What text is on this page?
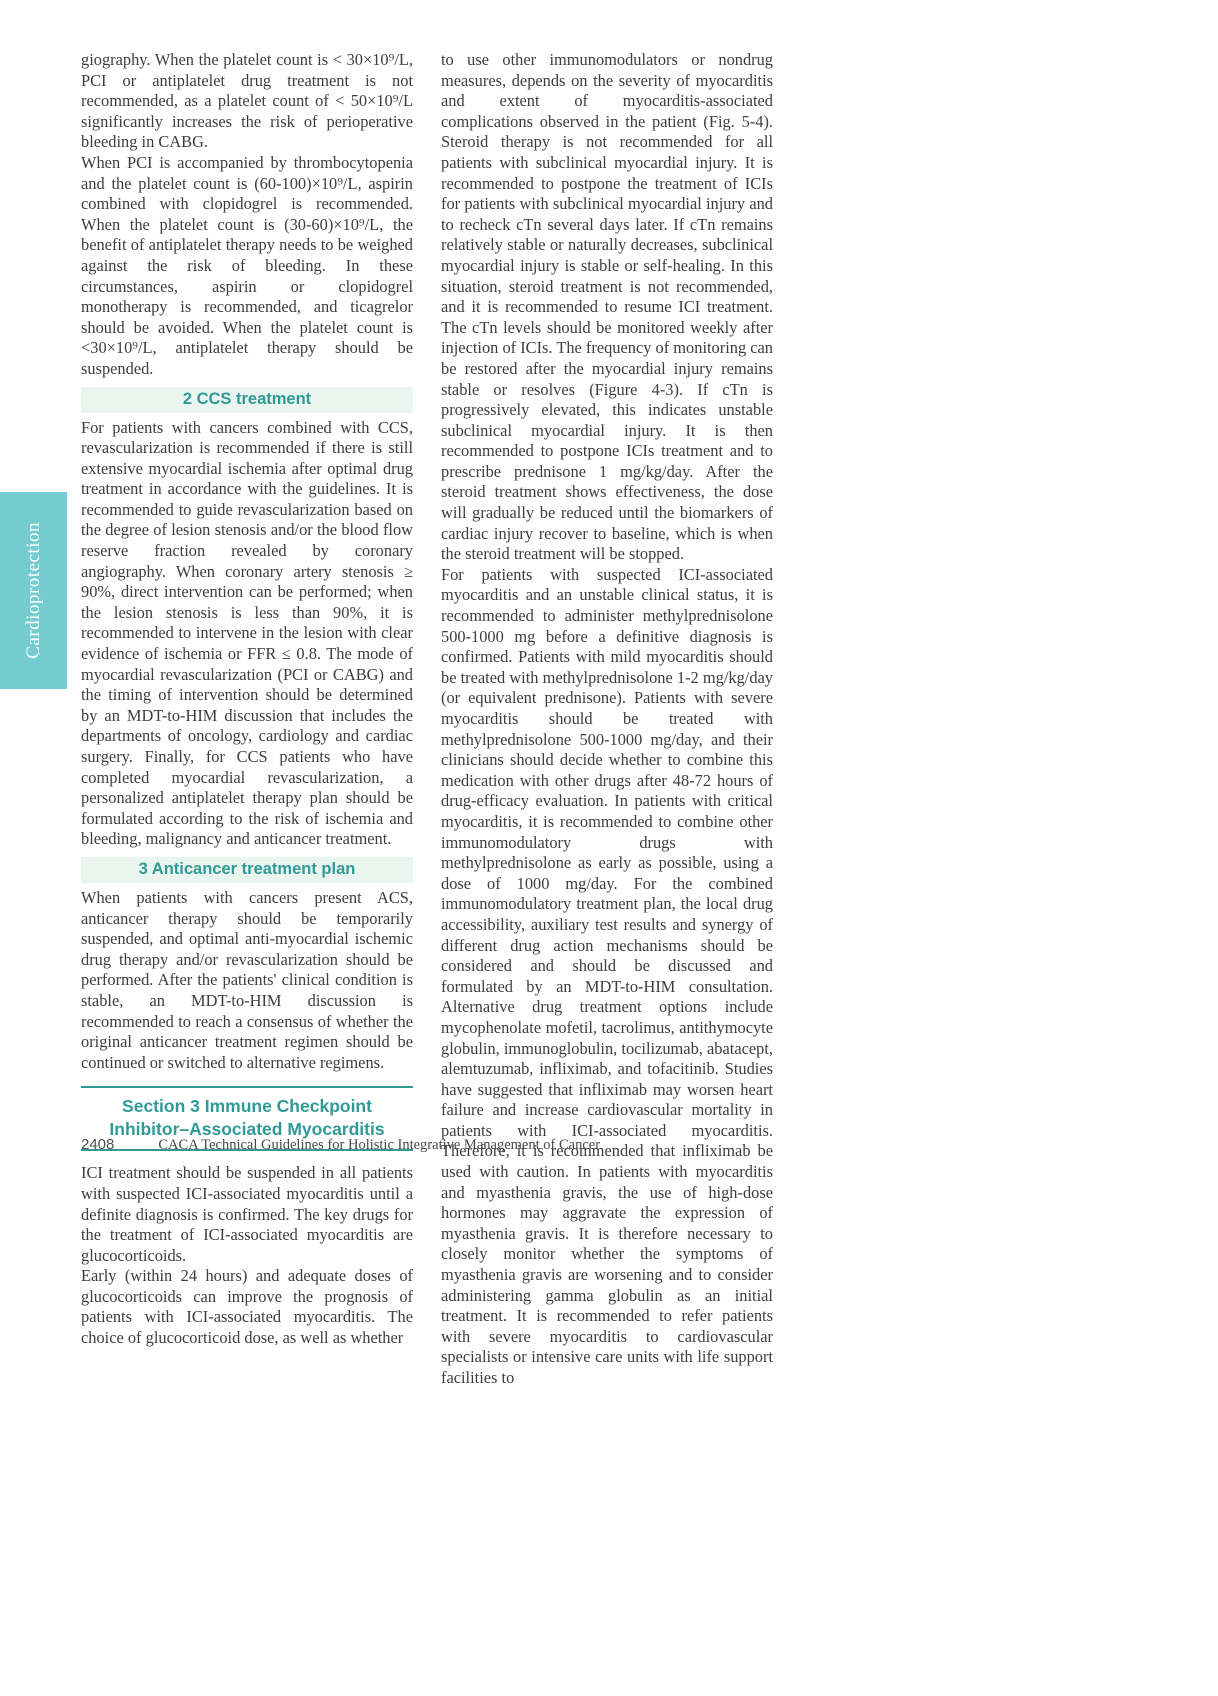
Cardioprotection

giography. When the platelet count is < 30×10⁹/L, PCI or antiplatelet drug treatment is not recommended, as a platelet count of < 50×10⁹/L significantly increases the risk of perioperative bleeding in CABG.

When PCI is accompanied by thrombocytopenia and the platelet count is (60-100)×10⁹/L, aspirin combined with clopidogrel is recommended. When the platelet count is (30-60)×10⁹/L, the benefit of antiplatelet therapy needs to be weighed against the risk of bleeding. In these circumstances, aspirin or clopidogrel monotherapy is recommended, and ticagrelor should be avoided. When the platelet count is <30×10⁹/L, antiplatelet therapy should be suspended.

2 CCS treatment

For patients with cancers combined with CCS, revascularization is recommended if there is still extensive myocardial ischemia after optimal drug treatment in accordance with the guidelines. It is recommended to guide revascularization based on the degree of lesion stenosis and/or the blood flow reserve fraction revealed by coronary angiography. When coronary artery stenosis ≥ 90%, direct intervention can be performed; when the lesion stenosis is less than 90%, it is recommended to intervene in the lesion with clear evidence of ischemia or FFR ≤ 0.8. The mode of myocardial revascularization (PCI or CABG) and the timing of intervention should be determined by an MDT-to-HIM discussion that includes the departments of oncology, cardiology and cardiac surgery. Finally, for CCS patients who have completed myocardial revascularization, a personalized antiplatelet therapy plan should be formulated according to the risk of ischemia and bleeding, malignancy and anticancer treatment.

3 Anticancer treatment plan

When patients with cancers present ACS, anticancer therapy should be temporarily suspended, and optimal anti-myocardial ischemic drug therapy and/or revascularization should be performed. After the patients' clinical condition is stable, an MDT-to-HIM discussion is recommended to reach a consensus of whether the original anticancer treatment regimen should be continued or switched to alternative regimens.

Section 3 Immune Checkpoint Inhibitor–Associated Myocarditis

ICI treatment should be suspended in all patients with suspected ICI-associated myocarditis until a definite diagnosis is confirmed. The key drugs for the treatment of ICI-associated myocarditis are glucocorticoids.

Early (within 24 hours) and adequate doses of glucocorticoids can improve the prognosis of patients with ICI-associated myocarditis. The choice of glucocorticoid dose, as well as whether

to use other immunomodulators or nondrug measures, depends on the severity of myocarditis and extent of myocarditis-associated complications observed in the patient (Fig. 5-4). Steroid therapy is not recommended for all patients with subclinical myocardial injury. It is recommended to postpone the treatment of ICIs for patients with subclinical myocardial injury and to recheck cTn several days later. If cTn remains relatively stable or naturally decreases, subclinical myocardial injury is stable or self-healing. In this situation, steroid treatment is not recommended, and it is recommended to resume ICI treatment. The cTn levels should be monitored weekly after injection of ICIs. The frequency of monitoring can be restored after the myocardial injury remains stable or resolves (Figure 4-3). If cTn is progressively elevated, this indicates unstable subclinical myocardial injury. It is then recommended to postpone ICIs treatment and to prescribe prednisone 1 mg/kg/day. After the steroid treatment shows effectiveness, the dose will gradually be reduced until the biomarkers of cardiac injury recover to baseline, which is when the steroid treatment will be stopped.

For patients with suspected ICI-associated myocarditis and an unstable clinical status, it is recommended to administer methylprednisolone 500-1000 mg before a definitive diagnosis is confirmed. Patients with mild myocarditis should be treated with methylprednisolone 1-2 mg/kg/day (or equivalent prednisone). Patients with severe myocarditis should be treated with methylprednisolone 500-1000 mg/day, and their clinicians should decide whether to combine this medication with other drugs after 48-72 hours of drug-efficacy evaluation. In patients with critical myocarditis, it is recommended to combine other immunomodulatory drugs with methylprednisolone as early as possible, using a dose of 1000 mg/day. For the combined immunomodulatory treatment plan, the local drug accessibility, auxiliary test results and synergy of different drug action mechanisms should be considered and should be discussed and formulated by an MDT-to-HIM consultation. Alternative drug treatment options include mycophenolate mofetil, tacrolimus, antithymocyte globulin, immunoglobulin, tocilizumab, abatacept, alemtuzumab, infliximab, and tofacitinib. Studies have suggested that infliximab may worsen heart failure and increase cardiovascular mortality in patients with ICI-associated myocarditis. Therefore, it is recommended that infliximab be used with caution. In patients with myocarditis and myasthenia gravis, the use of high-dose hormones may aggravate the expression of myasthenia gravis. It is therefore necessary to closely monitor whether the symptoms of myasthenia gravis are worsening and to consider administering gamma globulin as an initial treatment. It is recommended to refer patients with severe myocarditis to cardiovascular specialists or intensive care units with life support facilities to

2408	CACA Technical Guidelines for Holistic Integrative Management of Cancer
